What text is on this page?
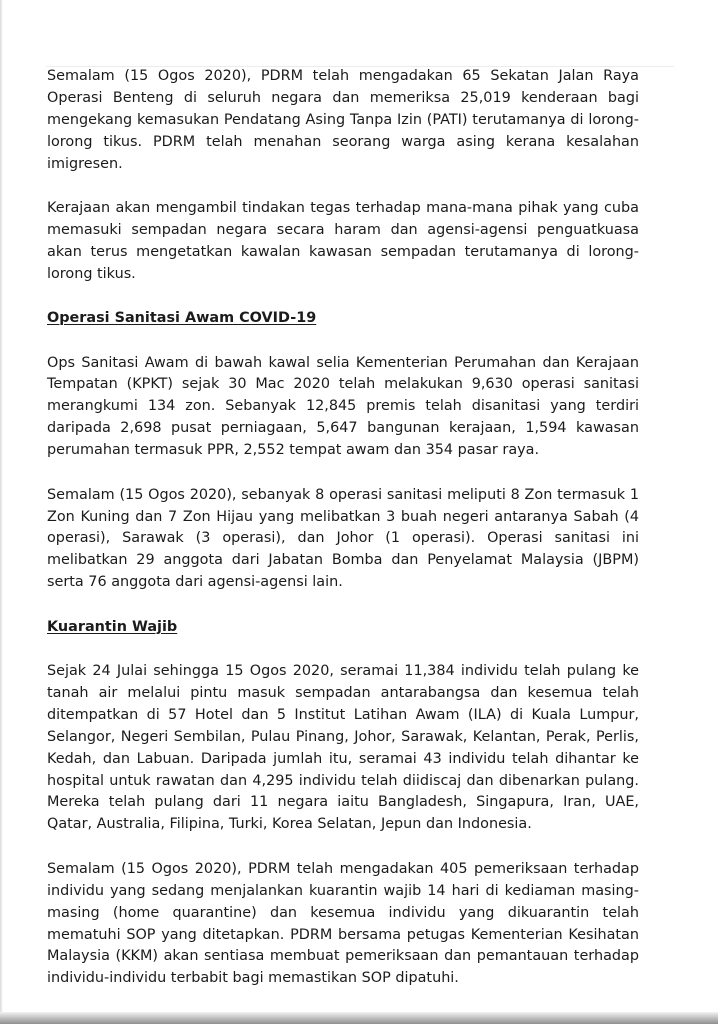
Semalam (15 Ogos 2020), PDRM telah mengadakan 65 Sekatan Jalan Raya Operasi Benteng di seluruh negara dan memeriksa 25,019 kenderaan bagi mengekang kemasukan Pendatang Asing Tanpa Izin (PATI) terutamanya di lorong-lorong tikus. PDRM telah menahan seorang warga asing kerana kesalahan imigresen.

Kerajaan akan mengambil tindakan tegas terhadap mana-mana pihak yang cuba memasuki sempadan negara secara haram dan agensi-agensi penguatkuasa akan terus mengetatkan kawalan kawasan sempadan terutamanya di lorong-lorong tikus.

Operasi Sanitasi Awam COVID-19

Ops Sanitasi Awam di bawah kawal selia Kementerian Perumahan dan Kerajaan Tempatan (KPKT) sejak 30 Mac 2020 telah melakukan 9,630 operasi sanitasi merangkumi 134 zon. Sebanyak 12,845 premis telah disanitasi yang terdiri daripada 2,698 pusat perniagaan, 5,647 bangunan kerajaan, 1,594 kawasan perumahan termasuk PPR, 2,552 tempat awam dan 354 pasar raya.

Semalam (15 Ogos 2020), sebanyak 8 operasi sanitasi meliputi 8 Zon termasuk 1 Zon Kuning dan 7 Zon Hijau yang melibatkan 3 buah negeri antaranya Sabah (4 operasi), Sarawak (3 operasi), dan Johor (1 operasi). Operasi sanitasi ini melibatkan 29 anggota dari Jabatan Bomba dan Penyelamat Malaysia (JBPM) serta 76 anggota dari agensi-agensi lain.

Kuarantin Wajib

Sejak 24 Julai sehingga 15 Ogos 2020, seramai 11,384 individu telah pulang ke tanah air melalui pintu masuk sempadan antarabangsa dan kesemua telah ditempatkan di 57 Hotel dan 5 Institut Latihan Awam (ILA) di Kuala Lumpur, Selangor, Negeri Sembilan, Pulau Pinang, Johor, Sarawak, Kelantan, Perak, Perlis, Kedah, dan Labuan. Daripada jumlah itu, seramai 43 individu telah dihantar ke hospital untuk rawatan dan 4,295 individu telah diidiscaj dan dibenarkan pulang. Mereka telah pulang dari 11 negara iaitu Bangladesh, Singapura, Iran, UAE, Qatar, Australia, Filipina, Turki, Korea Selatan, Jepun dan Indonesia.

Semalam (15 Ogos 2020), PDRM telah mengadakan 405 pemeriksaan terhadap individu yang sedang menjalankan kuarantin wajib 14 hari di kediaman masing-masing (home quarantine) dan kesemua individu yang dikuarantin telah mematuhi SOP yang ditetapkan. PDRM bersama petugas Kementerian Kesihatan Malaysia (KKM) akan sentiasa membuat pemeriksaan dan pemantauan terhadap individu-individu terbabit bagi memastikan SOP dipatuhi.
